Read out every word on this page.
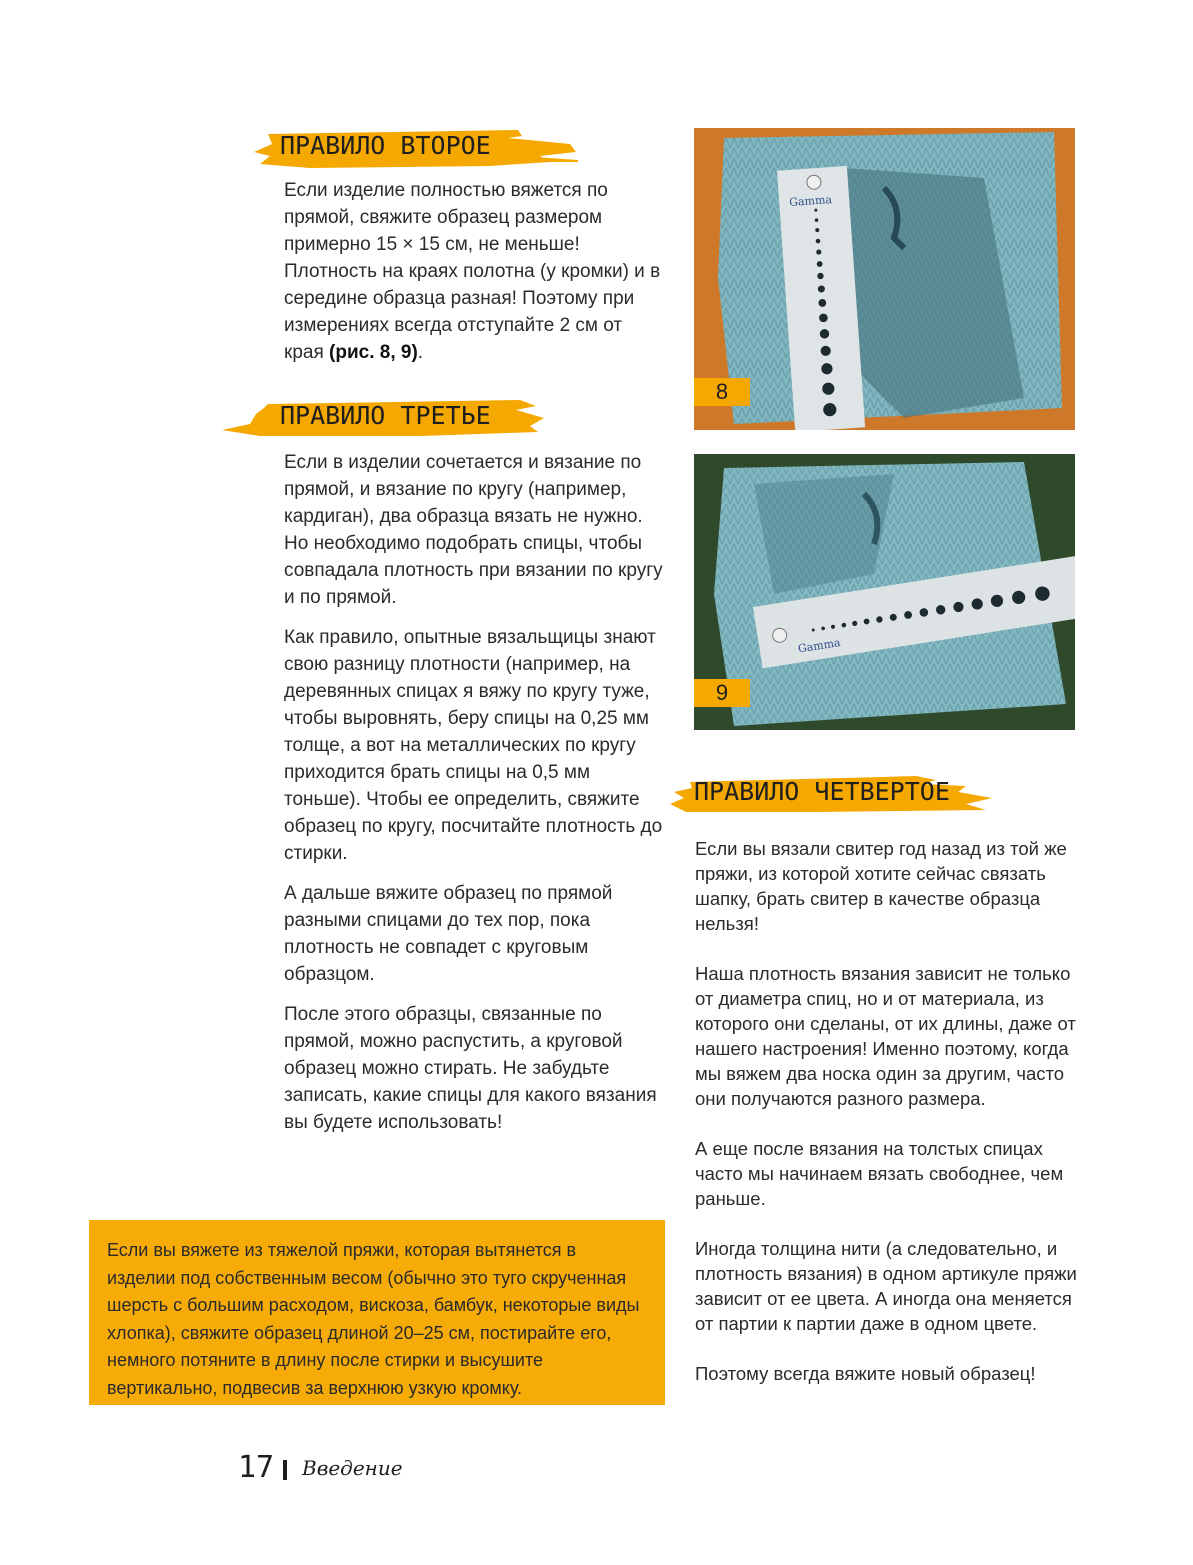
ПРАВИЛО ВТОРОЕ

Если изделие полностью вяжется по прямой, свяжите образец размером примерно 15 × 15 см, не меньше! Плотность на краях полотна (у кромки) и в середине образца разная! Поэтому при измерениях всегда отступайте 2 см от края (рис. 8, 9).

ПРАВИЛО ТРЕТЬЕ

Если в изделии сочетается и вязание по прямой, и вязание по кругу (например, кардиган), два образца вязать не нужно. Но необходимо подобрать спицы, чтобы совпадала плотность при вязании по кругу и по прямой.

Как правило, опытные вязальщицы знают свою разницу плотности (например, на деревянных спицах я вяжу по кругу туже, чтобы выровнять, беру спицы на 0,25 мм толще, а вот на металлических по кругу приходится брать спицы на 0,5 мм тоньше). Чтобы ее определить, свяжите образец по кругу, посчитайте плотность до стирки.

А дальше вяжите образец по прямой разными спицами до тех пор, пока плотность не совпадет с круговым образцом.

После этого образцы, связанные по прямой, можно распустить, а круговой образец можно стирать. Не забудьте записать, какие спицы для какого вязания вы будете использовать!

Если вы вяжете из тяжелой пряжи, которая вытянется в изделии под собственным весом (обычно это туго скрученная шерсть с большим расходом, вискоза, бамбук, некоторые виды хлопка), свяжите образец длиной 20–25 см, постирайте его, немного потяните в длину после стирки и высушите вертикально, подвесив за верхнюю узкую кромку.

Gamma
8
Gamma
9
ПРАВИЛО ЧЕТВЕРТОЕ

Если вы вязали свитер год назад из той же пряжи, из которой хотите сейчас связать шапку, брать свитер в качестве образца нельзя!

Наша плотность вязания зависит не только от диаметра спиц, но и от материала, из которого они сделаны, от их длины, даже от нашего настроения! Именно поэтому, когда мы вяжем два носка один за другим, часто они получаются разного размера.

А еще после вязания на толстых спицах часто мы начинаем вязать свободнее, чем раньше.

Иногда толщина нити (а следовательно, и плотность вязания) в одном артикуле пряжи зависит от ее цвета. А иногда она меняется от партии к партии даже в одном цвете.

Поэтому всегда вяжите новый образец!

17 Введение
